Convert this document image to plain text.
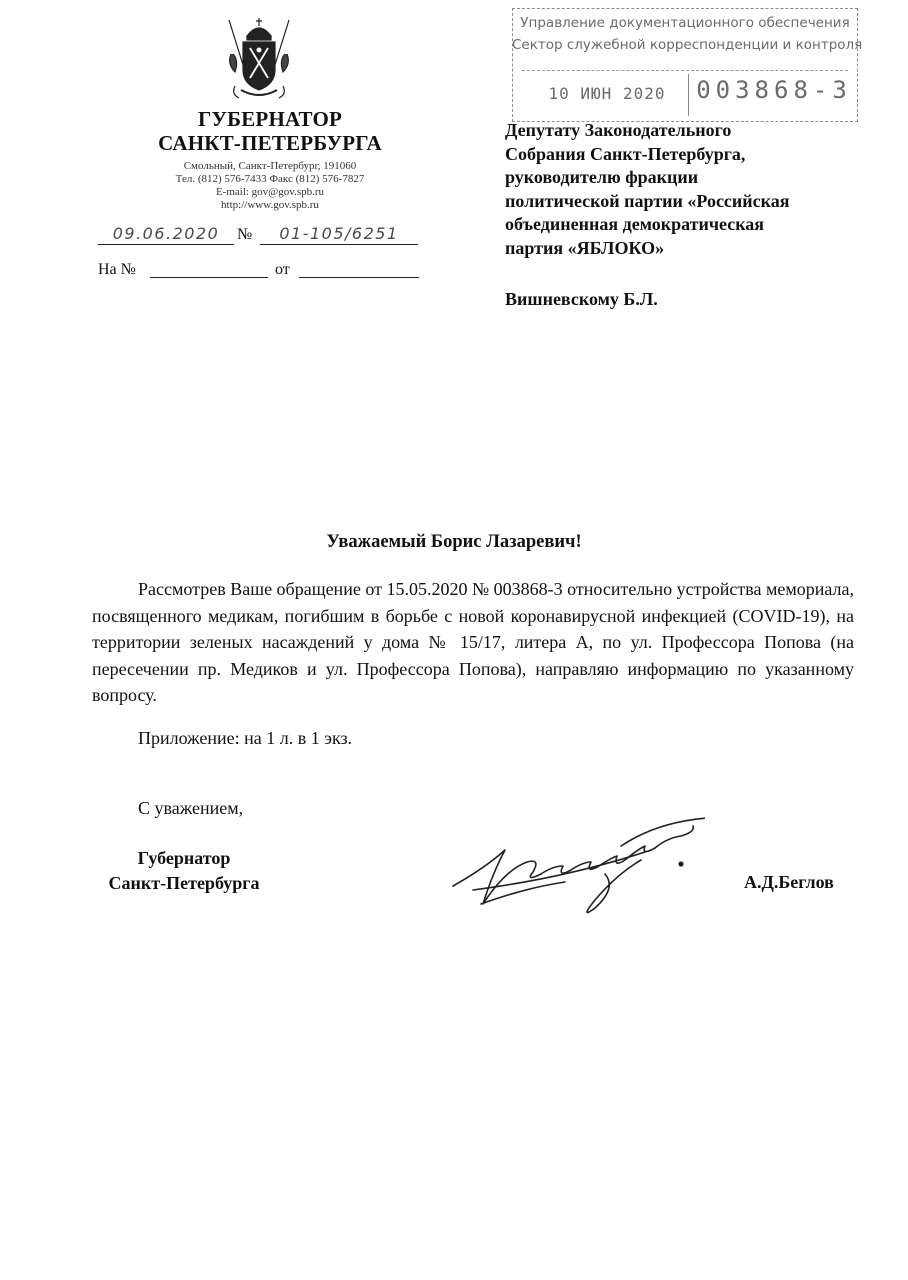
ГУБЕРНАТОР
САНКТ-ПЕТЕРБУРГА
Смольный, Санкт-Петербург, 191060
Тел. (812) 576-7433 Факс (812) 576-7827
E-mail: gov@gov.spb.ru
http://www.gov.spb.ru
09.06.2020	№	01-105/6251
На №	от
Управление документационного обеспечения
Сектор служебной корреспонденции и контроля
10 ИЮН 2020	003868-3
Депутату Законодательного
Собрания Санкт-Петербурга,
руководителю фракции
политической партии «Российская
объединенная демократическая
партия «ЯБЛОКО»
Вишневскому Б.Л.
Уважаемый Борис Лазаревич!
Рассмотрев Ваше обращение от 15.05.2020 № 003868-3 относительно устройства мемориала, посвященного медикам, погибшим в борьбе с новой коронавирусной инфекцией (COVID-19), на территории зеленых насаждений у дома № 15/17, литера А, по ул. Профессора Попова (на пересечении пр. Медиков и ул. Профессора Попова), направляю информацию по указанному вопросу.
Приложение: на 1 л. в 1 экз.
С уважением,
Губернатор
Санкт-Петербурга	А.Д.Беглов
